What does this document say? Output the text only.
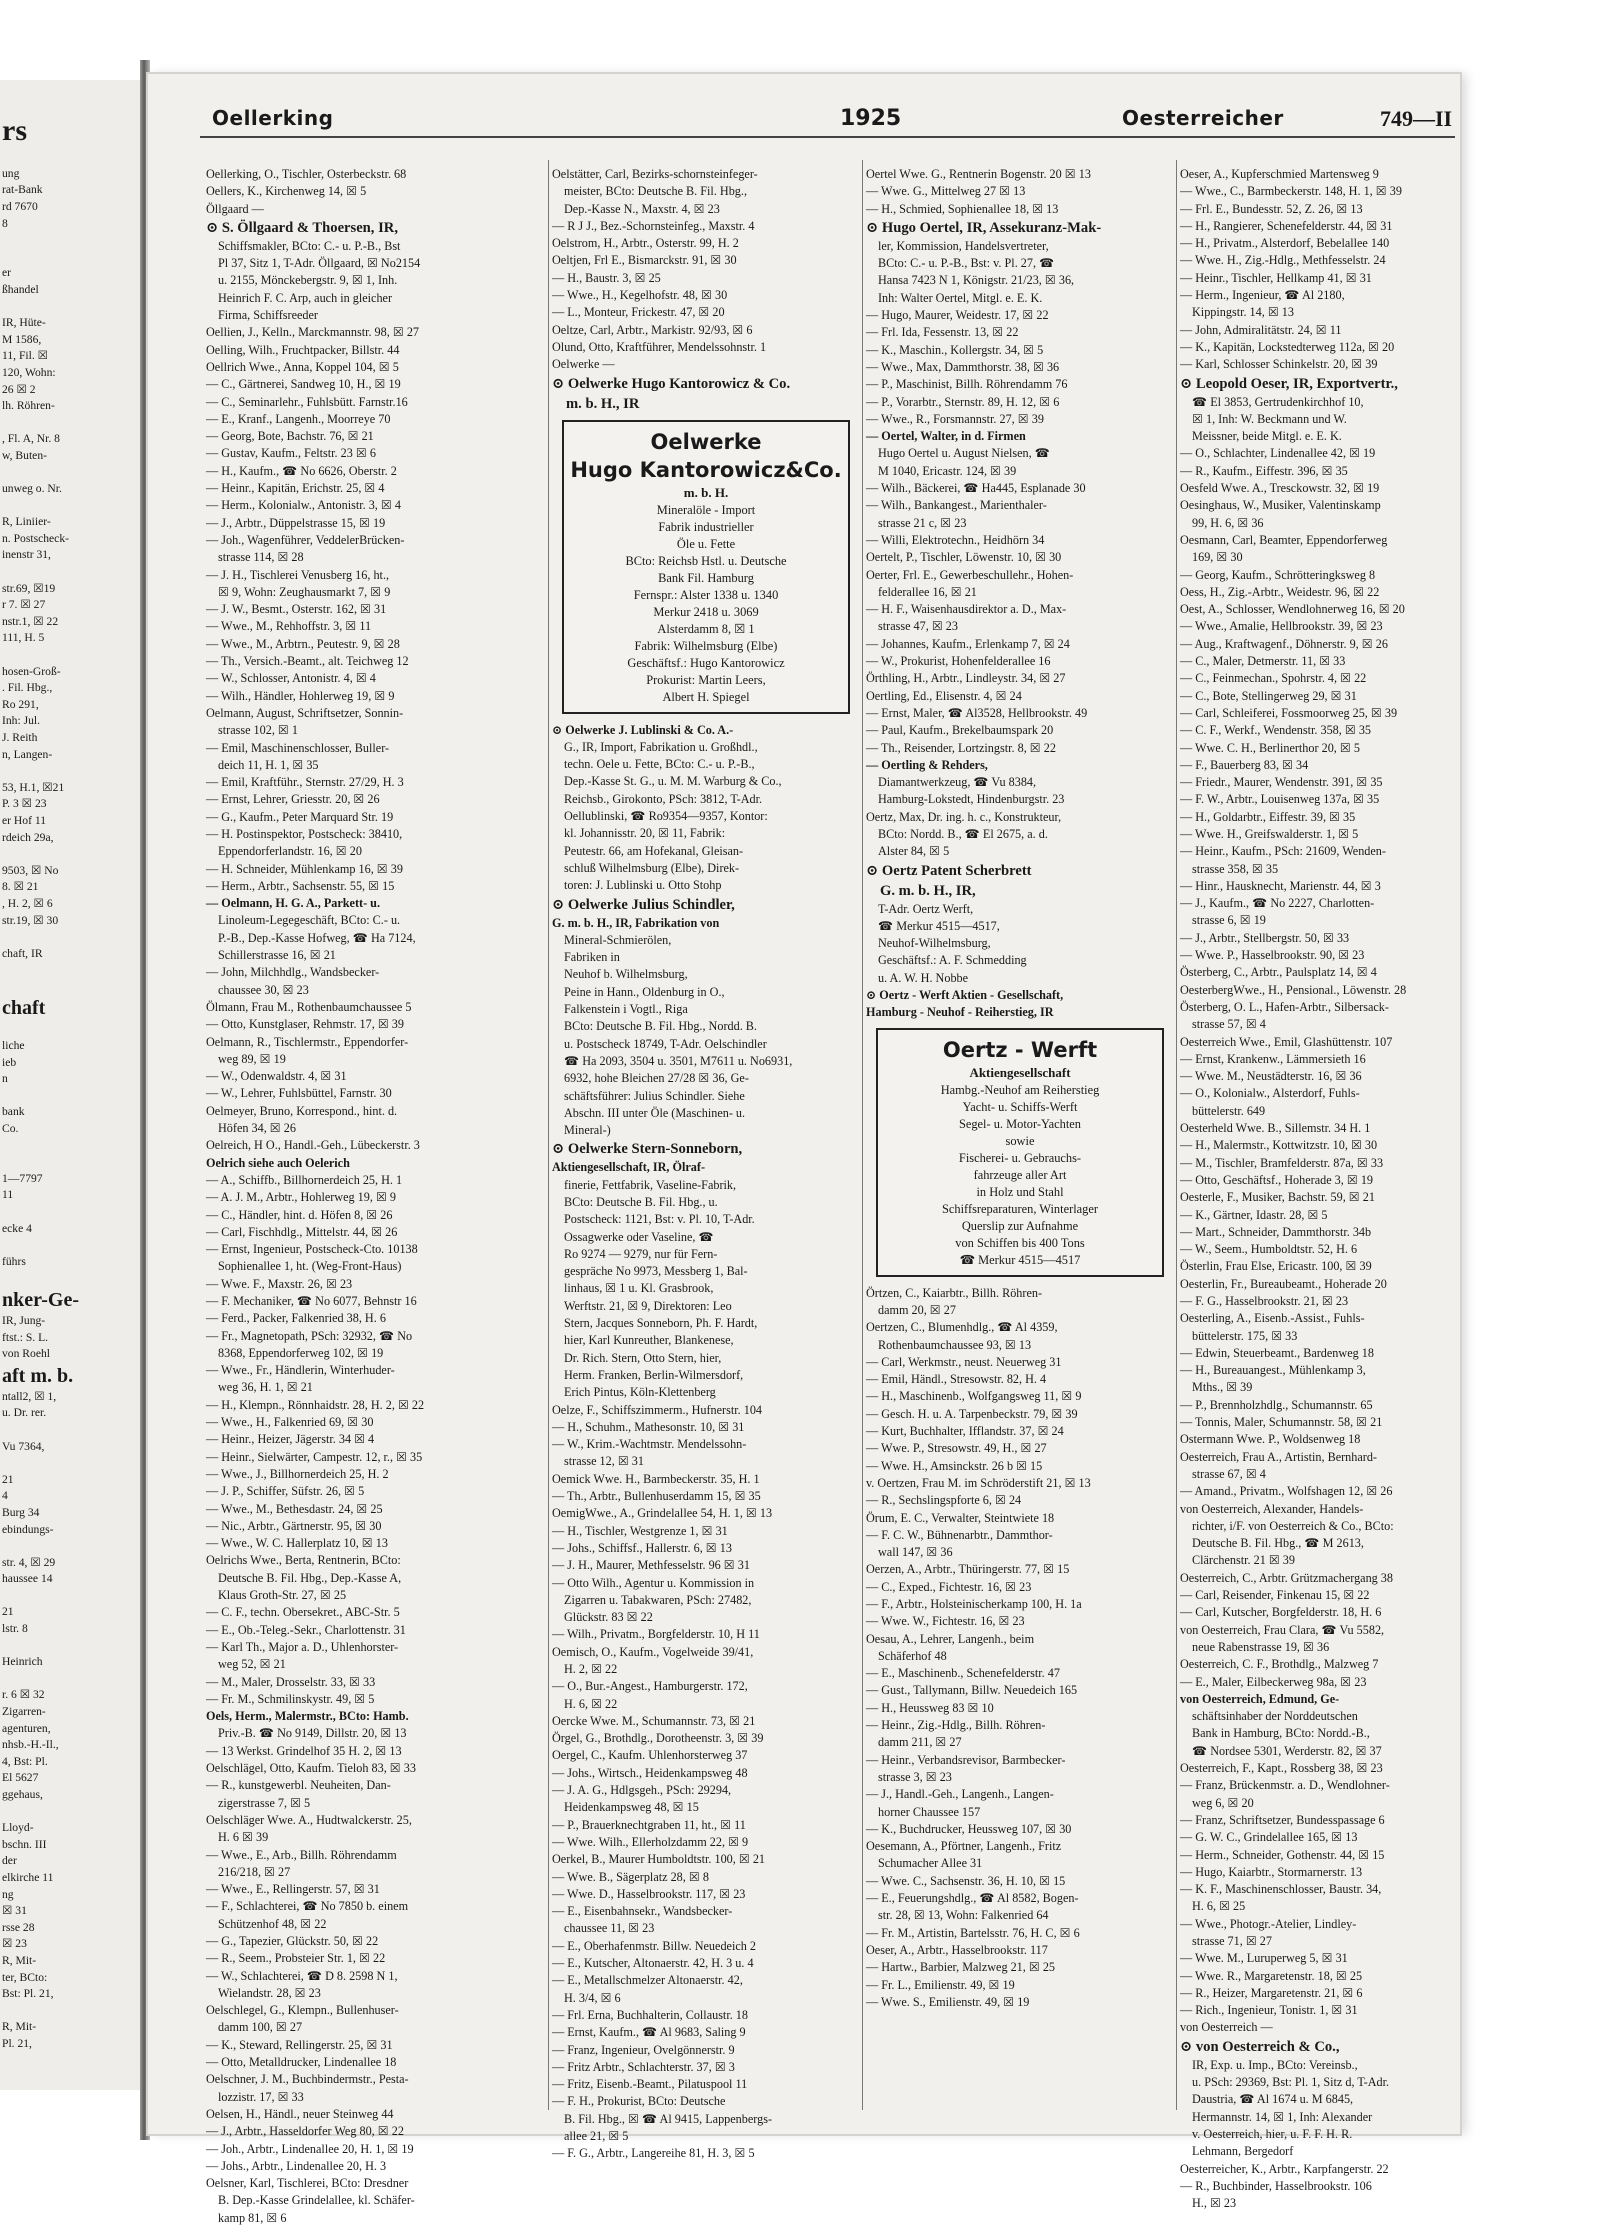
rs
ung
rat-Bank
rd 7670
8
er
ßhandel
IR, Hüte-
M 1586,
11, Fil. ☒
120, Wohn:
26 ☒ 2
lh. Röhren-
, Fl. A, Nr. 8
w, Buten-
unweg o. Nr.
R, Liniier-
n. Postscheck-
inenstr 31,
str.69, ☒19
r 7. ☒ 27
nstr.1, ☒ 22
111, H. 5
hosen-Groß-
. Fil. Hbg.,
Ro 291,
Inh: Jul.
J. Reith
n, Langen-
53, H.1, ☒21
P. 3 ☒ 23
er Hof 11
rdeich 29a,
9503, ☒ No
8. ☒ 21
, H. 2, ☒ 6
str.19, ☒ 30
chaft, IR
chaft
liche
ieb
n
bank
Co.
1—7797
11
ecke 4
führs
nker-Ge-
IR, Jung-
ftst.: S. L.
von Roehl
aft m. b.
ntall2, ☒ 1,
u. Dr. rer.
Vu 7364,
21
4
Burg 34
ebindungs-
str. 4, ☒ 29
haussee 14
21
lstr. 8
Heinrich
r. 6 ☒ 32
Zigarren-
agenturen,
nhsb.-H.-Il.,
4, Bst: Pl.
El 5627
ggehaus,
Lloyd-
bschn. III
der
elkirche 11
ng
☒ 31
rsse 28
☒ 23
R, Mit-
ter, BCto:
Bst: Pl. 21,
R, Mit-
Pl. 21,
Oellerking	1925	Oesterreicher	749—II
Oellerking, O., Tischler, Osterbeckstr. 68
Oellers, K., Kirchenweg 14, ☒ 5
Öllgaard —
⊙ S. Öllgaard & Thoersen, IR,
Schiffsmakler, BCto: C.- u. P.-B., Bst
Pl 37, Sitz 1, T-Adr. Öllgaard, ☒ No2154
u. 2155, Mönckebergstr. 9, ☒ 1, Inh.
Heinrich F. C. Arp, auch in gleicher
Firma, Schiffsreeder
Oellien, J., Kelln., Marckmannstr. 98, ☒ 27
Oelling, Wilh., Fruchtpacker, Billstr. 44
Oellrich Wwe., Anna, Koppel 104, ☒ 5
— C., Gärtnerei, Sandweg 10, H., ☒ 19
— C., Seminarlehr., Fuhlsbütt. Farnstr.16
— E., Kranf., Langenh., Moorreye 70
— Georg, Bote, Bachstr. 76, ☒ 21
— Gustav, Kaufm., Feltstr. 23 ☒ 6
— H., Kaufm., ☎ No 6626, Oberstr. 2
— Heinr., Kapitän, Erichstr. 25, ☒ 4
— Herm., Kolonialw., Antonistr. 3, ☒ 4
— J., Arbtr., Düppelstrasse 15, ☒ 19
— Joh., Wagenführer, VeddelerBrücken-
strasse 114, ☒ 28
— J. H., Tischlerei Venusberg 16, ht.,
☒ 9, Wohn: Zeughausmarkt 7, ☒ 9
— J. W., Besmt., Osterstr. 162, ☒ 31
— Wwe., M., Rehhoffstr. 3, ☒ 11
— Wwe., M., Arbtrn., Peutestr. 9, ☒ 28
— Th., Versich.-Beamt., alt. Teichweg 12
— W., Schlosser, Antonistr. 4, ☒ 4
— Wilh., Händler, Hohlerweg 19, ☒ 9
Oelmann, August, Schriftsetzer, Sonnin-
strasse 102, ☒ 1
— Emil, Maschinenschlosser, Buller-
deich 11, H. 1, ☒ 35
— Emil, Kraftführ., Sternstr. 27/29, H. 3
— Ernst, Lehrer, Griesstr. 20, ☒ 26
— G., Kaufm., Peter Marquard Str. 19
— H. Postinspektor, Postscheck: 38410,
Eppendorferlandstr. 16, ☒ 20
— H. Schneider, Mühlenkamp 16, ☒ 39
— Herm., Arbtr., Sachsenstr. 55, ☒ 15
— Oelmann, H. G. A., Parkett- u.
Linoleum-Legegeschäft, BCto: C.- u.
P.-B., Dep.-Kasse Hofweg, ☎ Ha 7124,
Schillerstrasse 16, ☒ 21
— John, Milchhdlg., Wandsbecker-
chaussee 30, ☒ 23
Ölmann, Frau M., Rothenbaumchaussee 5
— Otto, Kunstglaser, Rehmstr. 17, ☒ 39
Oelmann, R., Tischlermstr., Eppendorfer-
weg 89, ☒ 19
— W., Odenwaldstr. 4, ☒ 31
— W., Lehrer, Fuhlsbüttel, Farnstr. 30
Oelmeyer, Bruno, Korrespond., hint. d.
Höfen 34, ☒ 26
Oelreich, H O., Handl.-Geh., Lübeckerstr. 3
Oelrich siehe auch Oelerich
— A., Schiffb., Billhornerdeich 25, H. 1
— A. J. M., Arbtr., Hohlerweg 19, ☒ 9
— C., Händler, hint. d. Höfen 8, ☒ 26
— Carl, Fischhdlg., Mittelstr. 44, ☒ 26
— Ernst, Ingenieur, Postscheck-Cto. 10138
Sophienallee 1, ht. (Weg-Front-Haus)
— Wwe. F., Maxstr. 26, ☒ 23
— F. Mechaniker, ☎ No 6077, Behnstr 16
— Ferd., Packer, Falkenried 38, H. 6
— Fr., Magnetopath, PSch: 32932, ☎ No
8368, Eppendorferweg 102, ☒ 19
— Wwe., Fr., Händlerin, Winterhuder-
weg 36, H. 1, ☒ 21
— H., Klempn., Rönnhaidstr. 28, H. 2, ☒ 22
— Wwe., H., Falkenried 69, ☒ 30
— Heinr., Heizer, Jägerstr. 34 ☒ 4
— Heinr., Sielwärter, Campestr. 12, r., ☒ 35
— Wwe., J., Billhornerdeich 25, H. 2
— J. P., Schiffer, Süfstr. 26, ☒ 5
— Wwe., M., Bethesdastr. 24, ☒ 25
— Nic., Arbtr., Gärtnerstr. 95, ☒ 30
— Wwe., W. C. Hallerplatz 10, ☒ 13
Oelrichs Wwe., Berta, Rentnerin, BCto:
Deutsche B. Fil. Hbg., Dep.-Kasse A,
Klaus Groth-Str. 27, ☒ 25
— C. F., techn. Obersekret., ABC-Str. 5
— E., Ob.-Teleg.-Sekr., Charlottenstr. 31
— Karl Th., Major a. D., Uhlenhorster-
weg 52, ☒ 21
— M., Maler, Drosselstr. 33, ☒ 33
— Fr. M., Schmilinskystr. 49, ☒ 5
Oels, Herm., Malermstr., BCto: Hamb.
Priv.-B. ☎ No 9149, Dillstr. 20, ☒ 13
— 13 Werkst. Grindelhof 35 H. 2, ☒ 13
Oelschlägel, Otto, Kaufm. Tieloh 83, ☒ 33
— R., kunstgewerbl. Neuheiten, Dan-
zigerstrasse 7, ☒ 5
Oelschläger Wwe. A., Hudtwalckerstr. 25,
H. 6 ☒ 39
— Wwe., E., Arb., Billh. Röhrendamm
216/218, ☒ 27
— Wwe., E., Rellingerstr. 57, ☒ 31
— F., Schlachterei, ☎ No 7850 b. einem
Schützenhof 48, ☒ 22
— G., Tapezier, Glückstr. 50, ☒ 22
— R., Seem., Probsteier Str. 1, ☒ 22
— W., Schlachterei, ☎ D 8. 2598 N 1,
Wielandstr. 28, ☒ 23
Oelschlegel, G., Klempn., Bullenhuser-
damm 100, ☒ 27
— K., Steward, Rellingerstr. 25, ☒ 31
— Otto, Metalldrucker, Lindenallee 18
Oelschner, J. M., Buchbindermstr., Pesta-
lozzistr. 17, ☒ 33
Oelsen, H., Händl., neuer Steinweg 44
— J., Arbtr., Hasseldorfer Weg 80, ☒ 22
— Joh., Arbtr., Lindenallee 20, H. 1, ☒ 19
— Johs., Arbtr., Lindenallee 20, H. 3
Oelsner, Karl, Tischlerei, BCto: Dresdner
B. Dep.-Kasse Grindelallee, kl. Schäfer-
kamp 81, ☒ 6
Oelstätter, Carl, Bezirks-schornsteinfeger-
meister, BCto: Deutsche B. Fil. Hbg.,
Dep.-Kasse N., Maxstr. 4, ☒ 23
— R J J., Bez.-Schornsteinfeg., Maxstr. 4
Oelstrom, H., Arbtr., Osterstr. 99, H. 2
Oeltjen, Frl E., Bismarckstr. 91, ☒ 30
— H., Baustr. 3, ☒ 25
— Wwe., H., Kegelhofstr. 48, ☒ 30
— L., Monteur, Frickestr. 47, ☒ 20
Oeltze, Carl, Arbtr., Markistr. 92/93, ☒ 6
Olund, Otto, Kraftführer, Mendelssohnstr. 1
Oelwerke —
⊙ Oelwerke Hugo Kantorowicz & Co.
m. b. H., IR
Oelwerke
Hugo Kantorowicz&Co.
m. b. H.
Mineralöle - Import
Fabrik industrieller
Öle u. Fette
BCto: Reichsb Hstl. u. Deutsche
Bank Fil. Hamburg
Fernspr.: Alster 1338 u. 1340
Merkur 2418 u. 3069
Alsterdamm 8, ☒ 1
Fabrik: Wilhelmsburg (Elbe)
Geschäftsf.: Hugo Kantorowicz
Prokurist: Martin Leers,
Albert H. Spiegel
⊙ Oelwerke J. Lublinski & Co. A.-
G., IR, Import, Fabrikation u. Großhdl.,
techn. Oele u. Fette, BCto: C.- u. P.-B.,
Dep.-Kasse St. G., u. M. M. Warburg & Co.,
Reichsb., Girokonto, PSch: 3812, T-Adr.
Oellublinski, ☎ Ro9354—9357, Kontor:
kl. Johannisstr. 20, ☒ 11, Fabrik:
Peutestr. 66, am Hofekanal, Gleisan-
schluß Wilhelmsburg (Elbe), Direk-
toren: J. Lublinski u. Otto Stohp
⊙ Oelwerke Julius Schindler,
G. m. b. H., IR, Fabrikation von
Mineral-Schmierölen,
Fabriken in
Neuhof b. Wilhelmsburg,
Peine in Hann., Oldenburg in O.,
Falkenstein i Vogtl., Riga
BCto: Deutsche B. Fil. Hbg., Nordd. B.
u. Postscheck 18749, T-Adr. Oelschindler
☎ Ha 2093, 3504 u. 3501, M7611 u. No6931,
6932, hohe Bleichen 27/28 ☒ 36, Ge-
schäftsführer: Julius Schindler. Siehe
Abschn. III unter Öle (Maschinen- u.
Mineral-)
⊙ Oelwerke Stern-Sonneborn,
Aktiengesellschaft, IR, Ölraf-
finerie, Fettfabrik, Vaseline-Fabrik,
BCto: Deutsche B. Fil. Hbg., u.
Postscheck: 1121, Bst: v. Pl. 10, T-Adr.
Ossagwerke oder Vaseline, ☎
Ro 9274 — 9279, nur für Fern-
gespräche No 9973, Messberg 1, Bal-
linhaus, ☒ 1 u. Kl. Grasbrook,
Werftstr. 21, ☒ 9, Direktoren: Leo
Stern, Jacques Sonneborn, Ph. F. Hardt,
hier, Karl Kunreuther, Blankenese,
Dr. Rich. Stern, Otto Stern, hier,
Herm. Franken, Berlin-Wilmersdorf,
Erich Pintus, Köln-Klettenberg
Oelze, F., Schiffszimmerm., Hufnerstr. 104
— H., Schuhm., Mathesonstr. 10, ☒ 31
— W., Krim.-Wachtmstr. Mendelssohn-
strasse 12, ☒ 31
Oemick Wwe. H., Barmbeckerstr. 35, H. 1
— Th., Arbtr., Bullenhuserdamm 15, ☒ 35
OemigWwe., A., Grindelallee 54, H. 1, ☒ 13
— H., Tischler, Westgrenze 1, ☒ 31
— Johs., Schiffsf., Hallerstr. 6, ☒ 13
— J. H., Maurer, Methfesselstr. 96 ☒ 31
— Otto Wilh., Agentur u. Kommission in
Zigarren u. Tabakwaren, PSch: 27482,
Glückstr. 83 ☒ 22
— Wilh., Privatm., Borgfelderstr. 10, H 11
Oemisch, O., Kaufm., Vogelweide 39/41,
H. 2, ☒ 22
— O., Bur.-Angest., Hamburgerstr. 172,
H. 6, ☒ 22
Oercke Wwe. M., Schumannstr. 73, ☒ 21
Örgel, G., Brothdlg., Dorotheenstr. 3, ☒ 39
Oergel, C., Kaufm. Uhlenhorsterweg 37
— Johs., Wirtsch., Heidenkampsweg 48
— J. A. G., Hdlgsgeh., PSch: 29294,
Heidenkampsweg 48, ☒ 15
— P., Brauerknechtgraben 11, ht., ☒ 11
— Wwe. Wilh., Ellerholzdamm 22, ☒ 9
Oerkel, B., Maurer Humboldtstr. 100, ☒ 21
— Wwe. B., Sägerplatz 28, ☒ 8
— Wwe. D., Hasselbrookstr. 117, ☒ 23
— E., Eisenbahnsekr., Wandsbecker-
chaussee 11, ☒ 23
— E., Oberhafenmstr. Billw. Neuedeich 2
— E., Kutscher, Altonaerstr. 42, H. 3 u. 4
— E., Metallschmelzer Altonaerstr. 42,
H. 3/4, ☒ 6
— Frl. Erna, Buchhalterin, Collaustr. 18
— Ernst, Kaufm., ☎ Al 9683, Saling 9
— Franz, Ingenieur, Ovelgönnerstr. 9
— Fritz Arbtr., Schlachterstr. 37, ☒ 3
— Fritz, Eisenb.-Beamt., Pilatuspool 11
— F. H., Prokurist, BCto: Deutsche
B. Fil. Hbg., ☒ ☎ Al 9415, Lappenbergs-
allee 21, ☒ 5
— F. G., Arbtr., Langereihe 81, H. 3, ☒ 5
Oertel Wwe. G., Rentnerin Bogenstr. 20 ☒ 13
— Wwe. G., Mittelweg 27 ☒ 13
— H., Schmied, Sophienallee 18, ☒ 13
⊙ Hugo Oertel, IR, Assekuranz-Mak-
ler, Kommission, Handelsvertreter,
BCto: C.- u. P.-B., Bst: v. Pl. 27, ☎
Hansa 7423 N 1, Königstr. 21/23, ☒ 36,
Inh: Walter Oertel, Mitgl. e. E. K.
— Hugo, Maurer, Weidestr. 17, ☒ 22
— Frl. Ida, Fessenstr. 13, ☒ 22
— K., Maschin., Kollergstr. 34, ☒ 5
— Wwe., Max, Dammthorstr. 38, ☒ 36
— P., Maschinist, Billh. Röhrendamm 76
— P., Vorarbtr., Sternstr. 89, H. 12, ☒ 6
— Wwe., R., Forsmannstr. 27, ☒ 39
— Oertel, Walter, in d. Firmen
Hugo Oertel u. August Nielsen, ☎
M 1040, Ericastr. 124, ☒ 39
— Wilh., Bäckerei, ☎ Ha445, Esplanade 30
— Wilh., Bankangest., Marienthaler-
strasse 21 c, ☒ 23
— Willi, Elektrotechn., Heidhörn 34
Oertelt, P., Tischler, Löwenstr. 10, ☒ 30
Oerter, Frl. E., Gewerbeschullehr., Hohen-
felderallee 16, ☒ 21
— H. F., Waisenhausdirektor a. D., Max-
strasse 47, ☒ 23
— Johannes, Kaufm., Erlenkamp 7, ☒ 24
— W., Prokurist, Hohenfelderallee 16
Örthling, H., Arbtr., Lindleystr. 34, ☒ 27
Oertling, Ed., Elisenstr. 4, ☒ 24
— Ernst, Maler, ☎ Al3528, Hellbrookstr. 49
— Paul, Kaufm., Brekelbaumspark 20
— Th., Reisender, Lortzingstr. 8, ☒ 22
— Oertling & Rehders,
Diamantwerkzeug, ☎ Vu 8384,
Hamburg-Lokstedt, Hindenburgstr. 23
Oertz, Max, Dr. ing. h. c., Konstrukteur,
BCto: Nordd. B., ☎ El 2675, a. d.
Alster 84, ☒ 5
⊙ Oertz Patent Scherbrett
G. m. b. H., IR,
T-Adr. Oertz Werft,
☎ Merkur 4515—4517,
Neuhof-Wilhelmsburg,
Geschäftsf.: A. F. Schmedding
u. A. W. H. Nobbe
⊙ Oertz - Werft Aktien - Gesellschaft,
Hamburg - Neuhof - Reiherstieg, IR
Oertz - Werft
Aktiengesellschaft
Hambg.-Neuhof am Reiherstieg
Yacht- u. Schiffs-Werft
Segel- u. Motor-Yachten
sowie
Fischerei- u. Gebrauchs-
fahrzeuge aller Art
in Holz und Stahl
Schiffsreparaturen, Winterlager
Querslip zur Aufnahme
von Schiffen bis 400 Tons
☎ Merkur 4515—4517
Örtzen, C., Kaiarbtr., Billh. Röhren-
damm 20, ☒ 27
Oertzen, C., Blumenhdlg., ☎ Al 4359,
Rothenbaumchaussee 93, ☒ 13
— Carl, Werkmstr., neust. Neuerweg 31
— Emil, Händl., Stresowstr. 82, H. 4
— H., Maschinenb., Wolfgangsweg 11, ☒ 9
— Gesch. H. u. A. Tarpenbeckstr. 79, ☒ 39
— Kurt, Buchhalter, Ifflandstr. 37, ☒ 24
— Wwe. P., Stresowstr. 49, H., ☒ 27
— Wwe. H., Amsinckstr. 26 b ☒ 15
v. Oertzen, Frau M. im Schröderstift 21, ☒ 13
— R., Sechslingspforte 6, ☒ 24
Örum, E. C., Verwalter, Steintwiete 18
— F. C. W., Bühnenarbtr., Dammthor-
wall 147, ☒ 36
Oerzen, A., Arbtr., Thüringerstr. 77, ☒ 15
— C., Exped., Fichtestr. 16, ☒ 23
— F., Arbtr., Holsteinischerkamp 100, H. 1a
— Wwe. W., Fichtestr. 16, ☒ 23
Oesau, A., Lehrer, Langenh., beim
Schäferhof 48
— E., Maschinenb., Schenefelderstr. 47
— Gust., Tallymann, Billw. Neuedeich 165
— H., Heussweg 83 ☒ 10
— Heinr., Zig.-Hdlg., Billh. Röhren-
damm 211, ☒ 27
— Heinr., Verbandsrevisor, Barmbecker-
strasse 3, ☒ 23
— J., Handl.-Geh., Langenh., Langen-
horner Chaussee 157
— K., Buchdrucker, Heussweg 107, ☒ 30
Oesemann, A., Pförtner, Langenh., Fritz
Schumacher Allee 31
— Wwe. C., Sachsenstr. 36, H. 10, ☒ 15
— E., Feuerungshdlg., ☎ Al 8582, Bogen-
str. 28, ☒ 13, Wohn: Falkenried 64
— Fr. M., Artistin, Bartelsstr. 76, H. C, ☒ 6
Oeser, A., Arbtr., Hasselbrookstr. 117
— Hartw., Barbier, Malzweg 21, ☒ 25
— Fr. L., Emilienstr. 49, ☒ 19
— Wwe. S., Emilienstr. 49, ☒ 19
Oeser, A., Kupferschmied Martensweg 9
— Wwe., C., Barmbeckerstr. 148, H. 1, ☒ 39
— Frl. E., Bundesstr. 52, Z. 26, ☒ 13
— H., Rangierer, Schenefelderstr. 44, ☒ 31
— H., Privatm., Alsterdorf, Bebelallee 140
— Wwe. H., Zig.-Hdlg., Methfesselstr. 24
— Heinr., Tischler, Hellkamp 41, ☒ 31
— Herm., Ingenieur, ☎ Al 2180,
Kippingstr. 14, ☒ 13
— John, Admiralitätstr. 24, ☒ 11
— K., Kapitän, Lockstedterweg 112a, ☒ 20
— Karl, Schlosser Schinkelstr. 20, ☒ 39
⊙ Leopold Oeser, IR, Exportvertr.,
☎ El 3853, Gertrudenkirchhof 10,
☒ 1, Inh: W. Beckmann und W.
Meissner, beide Mitgl. e. E. K.
— O., Schlachter, Lindenallee 42, ☒ 19
— R., Kaufm., Eiffestr. 396, ☒ 35
Oesfeld Wwe. A., Tresckowstr. 32, ☒ 19
Oesinghaus, W., Musiker, Valentinskamp
99, H. 6, ☒ 36
Oesmann, Carl, Beamter, Eppendorferweg
169, ☒ 30
— Georg, Kaufm., Schrötteringksweg 8
Oess, H., Zig.-Arbtr., Weidestr. 96, ☒ 22
Oest, A., Schlosser, Wendlohnerweg 16, ☒ 20
— Wwe., Amalie, Hellbrookstr. 39, ☒ 23
— Aug., Kraftwagenf., Döhnerstr. 9, ☒ 26
— C., Maler, Detmerstr. 11, ☒ 33
— C., Feinmechan., Spohrstr. 4, ☒ 22
— C., Bote, Stellingerweg 29, ☒ 31
— Carl, Schleiferei, Fossmoorweg 25, ☒ 39
— C. F., Werkf., Wendenstr. 358, ☒ 35
— Wwe. C. H., Berlinerthor 20, ☒ 5
— F., Bauerberg 83, ☒ 34
— Friedr., Maurer, Wendenstr. 391, ☒ 35
— F. W., Arbtr., Louisenweg 137a, ☒ 35
— H., Goldarbtr., Eiffestr. 39, ☒ 35
— Wwe. H., Greifswalderstr. 1, ☒ 5
— Heinr., Kaufm., PSch: 21609, Wenden-
strasse 358, ☒ 35
— Hinr., Hausknecht, Marienstr. 44, ☒ 3
— J., Kaufm., ☎ No 2227, Charlotten-
strasse 6, ☒ 19
— J., Arbtr., Stellbergstr. 50, ☒ 33
— Wwe. P., Hasselbrookstr. 90, ☒ 23
Österberg, C., Arbtr., Paulsplatz 14, ☒ 4
OesterbergWwe., H., Pensional., Löwenstr. 28
Österberg, O. L., Hafen-Arbtr., Silbersack-
strasse 57, ☒ 4
Oesterreich Wwe., Emil, Glashüttenstr. 107
— Ernst, Krankenw., Lämmersieth 16
— Wwe. M., Neustädterstr. 16, ☒ 36
— O., Kolonialw., Alsterdorf, Fuhls-
büttelerstr. 649
Oesterheld Wwe. B., Sillemstr. 34 H. 1
— H., Malermstr., Kottwitzstr. 10, ☒ 30
— M., Tischler, Bramfelderstr. 87a, ☒ 33
— Otto, Geschäftsf., Hoherade 3, ☒ 19
Oesterle, F., Musiker, Bachstr. 59, ☒ 21
— K., Gärtner, Idastr. 28, ☒ 5
— Mart., Schneider, Dammthorstr. 34b
— W., Seem., Humboldtstr. 52, H. 6
Österlin, Frau Else, Ericastr. 100, ☒ 39
Oesterlin, Fr., Bureaubeamt., Hoherade 20
— F. G., Hasselbrookstr. 21, ☒ 23
Oesterling, A., Eisenb.-Assist., Fuhls-
büttelerstr. 175, ☒ 33
— Edwin, Steuerbeamt., Bardenweg 18
— H., Bureauangest., Mühlenkamp 3,
Mths., ☒ 39
— P., Brennholzhdlg., Schumannstr. 65
— Tonnis, Maler, Schumannstr. 58, ☒ 21
Ostermann Wwe. P., Woldsenweg 18
Oesterreich, Frau A., Artistin, Bernhard-
strasse 67, ☒ 4
— Amand., Privatm., Wolfshagen 12, ☒ 26
von Oesterreich, Alexander, Handels-
richter, i/F. von Oesterreich & Co., BCto:
Deutsche B. Fil. Hbg., ☎ M 2613,
Clärchenstr. 21 ☒ 39
Oesterreich, C., Arbtr. Grützmachergang 38
— Carl, Reisender, Finkenau 15, ☒ 22
— Carl, Kutscher, Borgfelderstr. 18, H. 6
von Oesterreich, Frau Clara, ☎ Vu 5582,
neue Rabenstrasse 19, ☒ 36
Oesterreich, C. F., Brothdlg., Malzweg 7
— E., Maler, Eilbeckerweg 98a, ☒ 23
von Oesterreich, Edmund, Ge-
schäftsinhaber der Norddeutschen
Bank in Hamburg, BCto: Nordd.-B.,
☎ Nordsee 5301, Werderstr. 82, ☒ 37
Oesterreich, F., Kapt., Rossberg 38, ☒ 23
— Franz, Brückenmstr. a. D., Wendlohner-
weg 6, ☒ 20
— Franz, Schriftsetzer, Bundesspassage 6
— G. W. C., Grindelallee 165, ☒ 13
— Herm., Schneider, Gothenstr. 44, ☒ 15
— Hugo, Kaiarbtr., Stormarnerstr. 13
— K. F., Maschinenschlosser, Baustr. 34,
H. 6, ☒ 25
— Wwe., Photogr.-Atelier, Lindley-
strasse 71, ☒ 27
— Wwe. M., Luruperweg 5, ☒ 31
— Wwe. R., Margaretenstr. 18, ☒ 25
— R., Heizer, Margaretenstr. 21, ☒ 6
— Rich., Ingenieur, Tonistr. 1, ☒ 31
von Oesterreich —
⊙ von Oesterreich & Co.,
IR, Exp. u. Imp., BCto: Vereinsb.,
u. PSch: 29369, Bst: Pl. 1, Sitz d, T-Adr.
Daustria, ☎ Al 1674 u. M 6845,
Hermannstr. 14, ☒ 1, Inh: Alexander
v. Oesterreich, hier, u. F. F. H. R.
Lehmann, Bergedorf
Oesterreicher, K., Arbtr., Karpfangerstr. 22
— R., Buchbinder, Hasselbrookstr. 106
H., ☒ 23
